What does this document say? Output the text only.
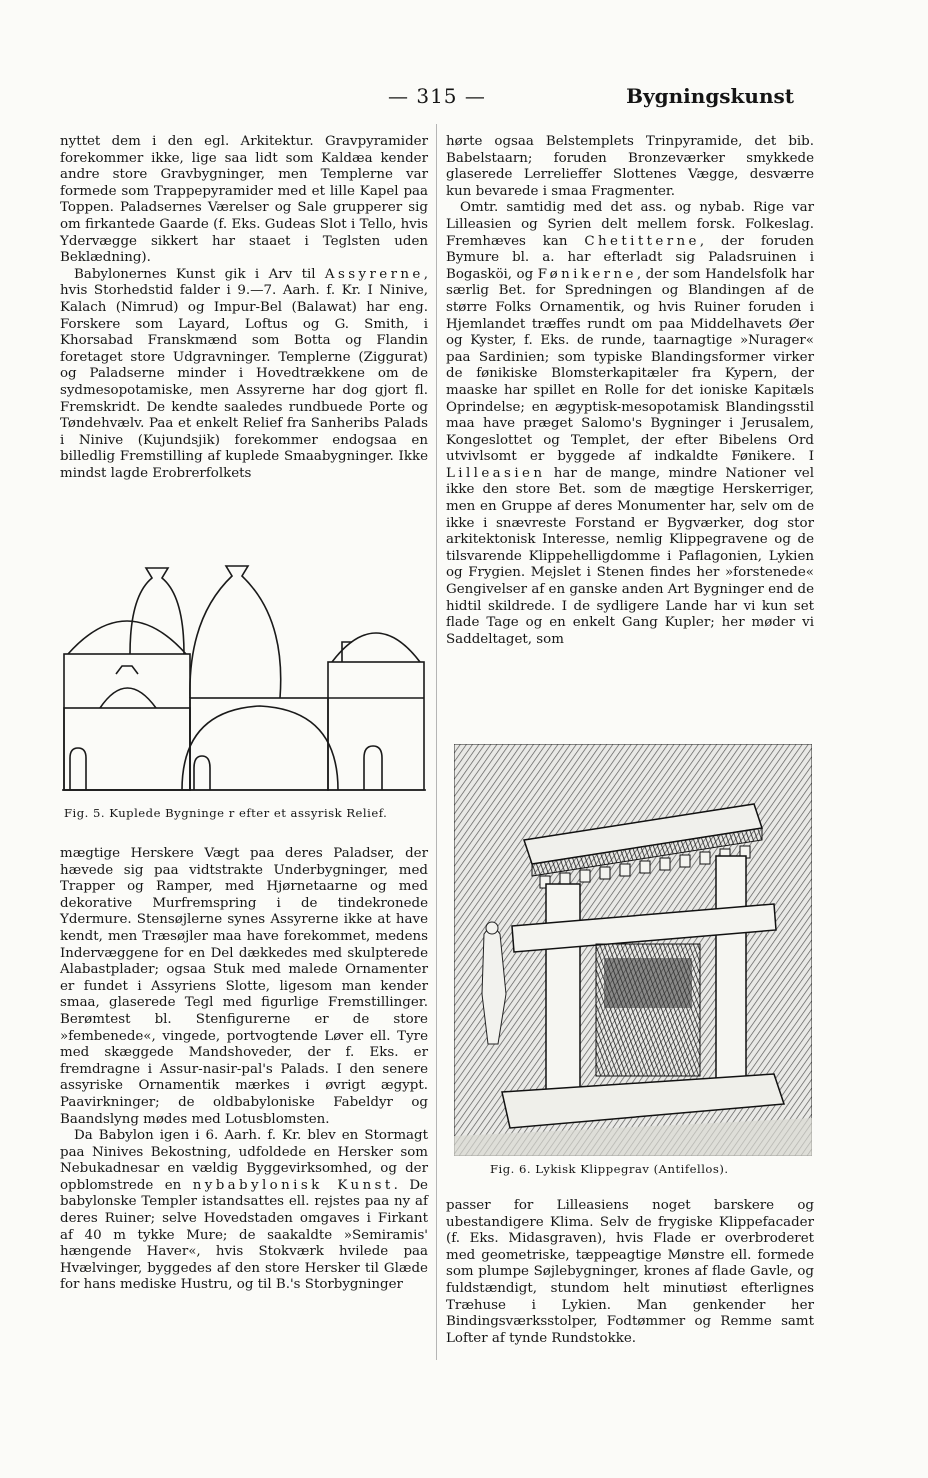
— 315 —	Bygningskunst

nyttet dem i den egl. Arkitektur. Gravpyramider forekommer ikke, lige saa lidt som Kaldæa kender andre store Gravbygninger, men Templerne var formede som Trappepyramider med et lille Kapel paa Toppen. Paladsernes Værelser og Sale grupperer sig om firkantede Gaarde (f. Eks. Gudeas Slot i Tello, hvis Ydervægge sikkert har staaet i Teglsten uden Beklædning).

Babylonernes Kunst gik i Arv til Assyrerne, hvis Storhedstid falder i 9.—7. Aarh. f. Kr. I Ninive, Kalach (Nimrud) og Impur-Bel (Balawat) har eng. Forskere som Layard, Loftus og G. Smith, i Khorsabad Franskmænd som Botta og Flandin foretaget store Udgravninger. Templerne (Ziggurat) og Paladserne minder i Hovedtrækkene om de sydmesopotamiske, men Assyrerne har dog gjort fl. Fremskridt. De kendte saaledes rundbuede Porte og Tøndehvælv. Paa et enkelt Relief fra Sanheribs Palads i Ninive (Kujundsjik) forekommer endogsaa en billedlig Fremstilling af kuplede Smaabygninger. Ikke mindst lagde Erobrerfolkets

Fig. 5. Kuplede Bygninge r efter et assyrisk Relief.

mægtige Herskere Vægt paa deres Paladser, der hævede sig paa vidtstrakte Underbygninger, med Trapper og Ramper, med Hjørnetaarne og med dekorative Murfremspring i de tindekronede Ydermure. Stensøjlerne synes Assyrerne ikke at have kendt, men Træsøjler maa have forekommet, medens Indervæggene for en Del dækkedes med skulpterede Alabastplader; ogsaa Stuk med malede Ornamenter er fundet i Assyriens Slotte, ligesom man kender smaa, glaserede Tegl med figurlige Fremstillinger. Berømtest bl. Stenfigurerne er de store »fembenede«, vingede, portvogtende Løver ell. Tyre med skæggede Mandshoveder, der f. Eks. er fremdragne i Assur-nasir-pal's Palads. I den senere assyriske Ornamentik mærkes i øvrigt ægypt. Paavirkninger; de oldbabyloniske Fabeldyr og Baandslyng mødes med Lotusblomsten.

Da Babylon igen i 6. Aarh. f. Kr. blev en Stormagt paa Ninives Bekostning, udfoldede en Hersker som Nebukadnesar en vældig Byggevirksomhed, og der opblomstrede en nybabylonisk Kunst. De babylonske Templer istandsattes ell. rejstes paa ny af deres Ruiner; selve Hovedstaden omgaves i Firkant af 40 m tykke Mure; de saakaldte »Semiramis' hængende Haver«, hvis Stokværk hvilede paa Hvælvinger, byggedes af den store Hersker til Glæde for hans mediske Hustru, og til B.'s Storbygninger

hørte ogsaa Belstemplets Trinpyramide, det bib. Babelstaarn; foruden Bronzeværker smykkede glaserede Lerrelieffer Slottenes Vægge, desværre kun bevarede i smaa Fragmenter.

Omtr. samtidig med det ass. og nybab. Rige var Lilleasien og Syrien delt mellem forsk. Folkeslag. Fremhæves kan Chetitterne, der foruden Bymure bl. a. har efterladt sig Paladsruinen i Bogasköi, og Fønikerne, der som Handelsfolk har særlig Bet. for Spredningen og Blandingen af de større Folks Ornamentik, og hvis Ruiner foruden i Hjemlandet træffes rundt om paa Middelhavets Øer og Kyster, f. Eks. de runde, taarnagtige »Nurager« paa Sardinien; som typiske Blandingsformer virker de fønikiske Blomsterkapitæler fra Kypern, der maaske har spillet en Rolle for det ioniske Kapitæls Oprindelse; en ægyptisk-mesopotamisk Blandingsstil maa have præget Salomo's Bygninger i Jerusalem, Kongeslottet og Templet, der efter Bibelens Ord utvivlsomt er byggede af indkaldte Fønikere. I Lilleasien har de mange, mindre Nationer vel ikke den store Bet. som de mægtige Herskerriger, men en Gruppe af deres Monumenter har, selv om de ikke i snævreste Forstand er Bygværker, dog stor arkitektonisk Interesse, nemlig Klippegravene og de tilsvarende Klippehelligdomme i Paflagonien, Lykien og Frygien. Mejslet i Stenen findes her »forstenede« Gengivelser af en ganske anden Art Bygninger end de hidtil skildrede. I de sydligere Lande har vi kun set flade Tage og en enkelt Gang Kupler; her møder vi Saddeltaget, som

Fig. 6. Lykisk Klippegrav (Antifellos).

passer for Lilleasiens noget barskere og ubestandigere Klima. Selv de frygiske Klippefacader (f. Eks. Midasgraven), hvis Flade er overbroderet med geometriske, tæppeagtige Mønstre ell. formede som plumpe Søjlebygninger, krones af flade Gavle, og fuldstændigt, stundom helt minutiøst efterlignes Træhuse i Lykien. Man genkender her Bindingsværksstolper, Fodtømmer og Remme samt Lofter af tynde Rundstokke.
